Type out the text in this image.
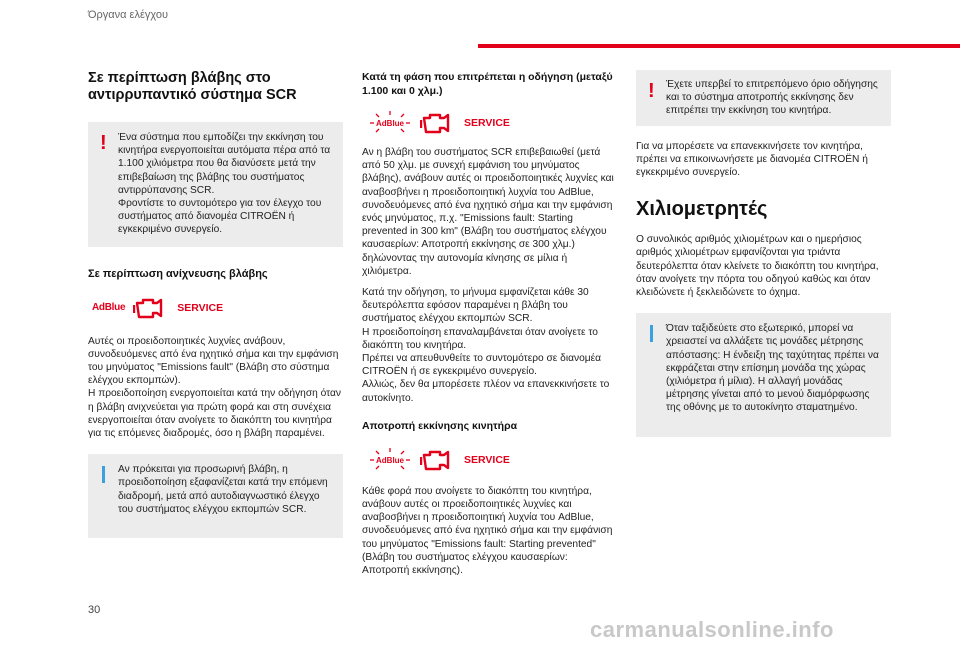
Όργανα ελέγχου
Σε περίπτωση βλάβης στο αντιρρυπαντικό σύστημα SCR
! Ένα σύστημα που εμποδίζει την εκκίνηση του κινητήρα ενεργοποιείται αυτόματα πέρα από τα 1.100 χιλιόμετρα που θα διανύσετε μετά την επιβεβαίωση της βλάβης του συστήματος αντιρρύπανσης SCR.

Φροντίστε το συντομότερο για τον έλεγχο του συστήματος από διανομέα CITROËN ή εγκεκριμένο συνεργείο.

Σε περίπτωση ανίχνευσης βλάβης
AdBlue	SERVICE

Αυτές οι προειδοποιητικές λυχνίες ανάβουν, συνοδευόμενες από ένα ηχητικό σήμα και την εμφάνιση του μηνύματος "Emissions fault" (Βλάβη στο σύστημα ελέγχου εκπομπών).

Η προειδοποίηση ενεργοποιείται κατά την οδήγηση όταν η βλάβη ανιχνεύεται για πρώτη φορά και στη συνέχεια ενεργοποιείται όταν ανοίγετε το διακόπτη του κινητήρα για τις επόμενες διαδρομές, όσο η βλάβη παραμένει.

Αν πρόκειται για προσωρινή βλάβη, η προειδοποίηση εξαφανίζεται κατά την επόμενη διαδρομή, μετά από αυτοδιαγνωστικό έλεγχο του συστήματος ελέγχου εκπομπών SCR.

Κατά τη φάση που επιτρέπεται η οδήγηση (μεταξύ 1.100 και 0 χλμ.)
AdBlue	SERVICE

Αν η βλάβη του συστήματος SCR επιβεβαιωθεί (μετά από 50 χλμ. με συνεχή εμφάνιση του μηνύματος βλάβης), ανάβουν αυτές οι προειδοποιητικές λυχνίες και αναβοσβήνει η προειδοποιητική λυχνία του AdBlue, συνοδευόμενες από ένα ηχητικό σήμα και την εμφάνιση ενός μηνύματος, π.χ. "Emissions fault: Starting prevented in 300 km" (Βλάβη του συστήματος ελέγχου καυσαερίων: Αποτροπή εκκίνησης σε 300 χλμ.) δηλώνοντας την αυτονομία κίνησης σε μίλια ή χιλιόμετρα.

Κατά την οδήγηση, το μήνυμα εμφανίζεται κάθε 30 δευτερόλεπτα εφόσον παραμένει η βλάβη του συστήματος ελέγχου εκπομπών SCR.

Η προειδοποίηση επαναλαμβάνεται όταν ανοίγετε το διακόπτη του κινητήρα.

Πρέπει να απευθυνθείτε το συντομότερο σε διανομέα CITROËN ή σε εγκεκριμένο συνεργείο.

Αλλιώς, δεν θα μπορέσετε πλέον να επανεκκινήσετε το αυτοκίνητο.

Αποτροπή εκκίνησης κινητήρα
AdBlue	SERVICE

Κάθε φορά που ανοίγετε το διακόπτη του κινητήρα, ανάβουν αυτές οι προειδοποιητικές λυχνίες και αναβοσβήνει η προειδοποιητική λυχνία του AdBlue, συνοδευόμενες από ένα ηχητικό σήμα και την εμφάνιση του μηνύματος "Emissions fault: Starting prevented" (Βλάβη του συστήματος ελέγχου καυσαερίων: Αποτροπή εκκίνησης).

! Έχετε υπερβεί το επιτρεπόμενο όριο οδήγησης και το σύστημα αποτροπής εκκίνησης δεν επιτρέπει την εκκίνηση του κινητήρα.

Για να μπορέσετε να επανεκκινήσετε τον κινητήρα, πρέπει να επικοινωνήσετε με διανομέα CITROËN ή εγκεκριμένο συνεργείο.

Χιλιομετρητές

Ο συνολικός αριθμός χιλιομέτρων και ο ημερήσιος αριθμός χιλιομέτρων εμφανίζονται για τριάντα δευτερόλεπτα όταν κλείνετε το διακόπτη του κινητήρα, όταν ανοίγετε την πόρτα του οδηγού καθώς και όταν κλειδώνετε ή ξεκλειδώνετε το όχημα.

Όταν ταξιδεύετε στο εξωτερικό, μπορεί να χρειαστεί να αλλάξετε τις μονάδες μέτρησης απόστασης: Η ένδειξη της ταχύτητας πρέπει να εκφράζεται στην επίσημη μονάδα της χώρας (χιλιόμετρα ή μίλια). Η αλλαγή μονάδας μέτρησης γίνεται από το μενού διαμόρφωσης της οθόνης με το αυτοκίνητο σταματημένο.

30
carmanualsonline.info
